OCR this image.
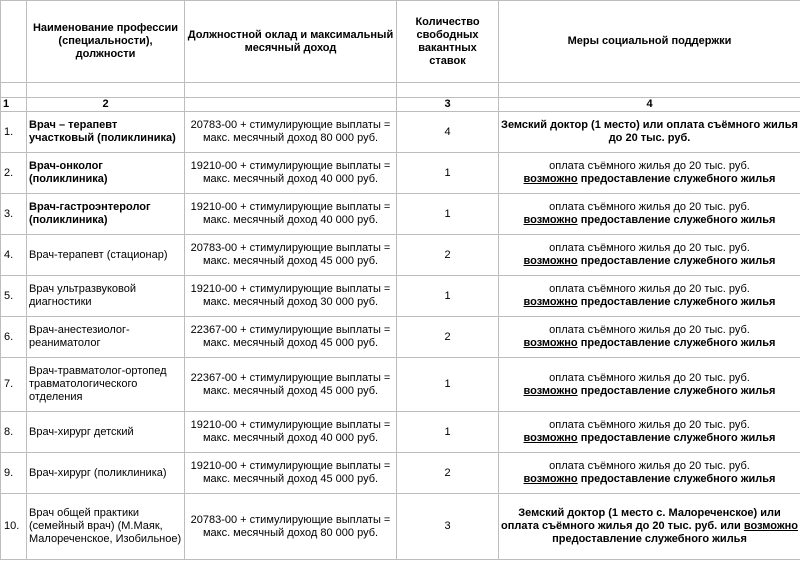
	Наименование профессии (специальности), должности	Должностной оклад и максимальный месячный доход	Количество свободных вакантных ставок	Меры социальной поддержки

1	2		3	4
1.	Врач – терапевт участковый (поликлиника)	20783-00 + стимулирующие выплаты = макс. месячный доход 80 000 руб.	4	Земский доктор (1 место) или оплата съёмного жилья до 20 тыс. руб.
2.	Врач-онколог (поликлиника)	19210-00 + стимулирующие выплаты = макс. месячный доход 40 000 руб.	1	оплата съёмного жилья до 20 тыс. руб.
возможно предоставление служебного жилья

3.	Врач-гастроэнтеролог (поликлиника)	19210-00 + стимулирующие выплаты = макс. месячный доход 40 000 руб.	1	оплата съёмного жилья до 20 тыс. руб.
возможно предоставление служебного жилья

4.	Врач-терапевт (стационар)	20783-00 + стимулирующие выплаты = макс. месячный доход 45 000 руб.	2	оплата съёмного жилья до 20 тыс. руб.
возможно предоставление служебного жилья

5.	Врач ультразвуковой диагностики	19210-00 + стимулирующие выплаты = макс. месячный доход 30 000 руб.	1	оплата съёмного жилья до 20 тыс. руб.
возможно предоставление служебного жилья

6.	Врач-анестезиолог-реаниматолог	22367-00 + стимулирующие выплаты = макс. месячный доход 45 000 руб.	2	оплата съёмного жилья до 20 тыс. руб.
возможно предоставление служебного жилья

7.	Врач-травматолог-ортопед травматологического отделения	22367-00 + стимулирующие выплаты = макс. месячный доход 45 000 руб.	1	оплата съёмного жилья до 20 тыс. руб.
возможно предоставление служебного жилья

8.	Врач-хирург детский	19210-00 + стимулирующие выплаты = макс. месячный доход 40 000 руб.	1	оплата съёмного жилья до 20 тыс. руб.
возможно предоставление служебного жилья

9.	Врач-хирург (поликлиника)	19210-00 + стимулирующие выплаты = макс. месячный доход 45 000 руб.	2	оплата съёмного жилья до 20 тыс. руб.
возможно предоставление служебного жилья

10.	Врач общей практики (семейный врач) (М.Маяк, Малореченское, Изобильное)	20783-00 + стимулирующие выплаты = макс. месячный доход 80 000 руб.	3	Земский доктор (1 место с. Малореченское) или оплата съёмного жилья до 20 тыс. руб. или возможно предоставление служебного жилья
